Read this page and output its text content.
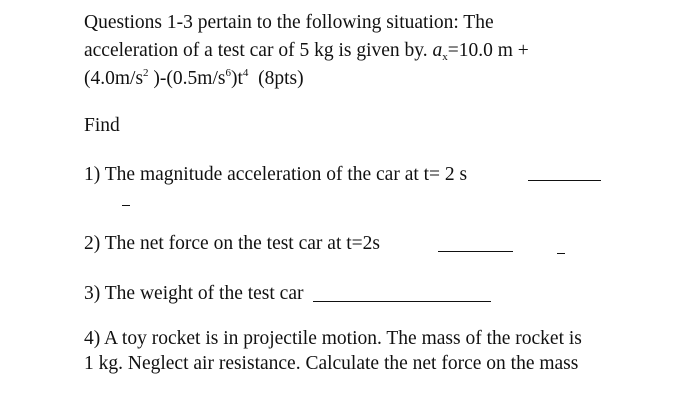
Questions 1-3 pertain to the following situation: The
acceleration of a test car of 5 kg is given by. $a_x=10.0$ m +
($4.0m/s^2$ )$-(0.5m/s^6)t^4$  (8pts)
Find
1) The magnitude acceleration of the car at t= 2 s
2) The net force on the test car at t=2s
3) The weight of the test car
4) A toy rocket is in projectile motion. The mass of the rocket is
1 kg. Neglect air resistance. Calculate the net force on the mass
